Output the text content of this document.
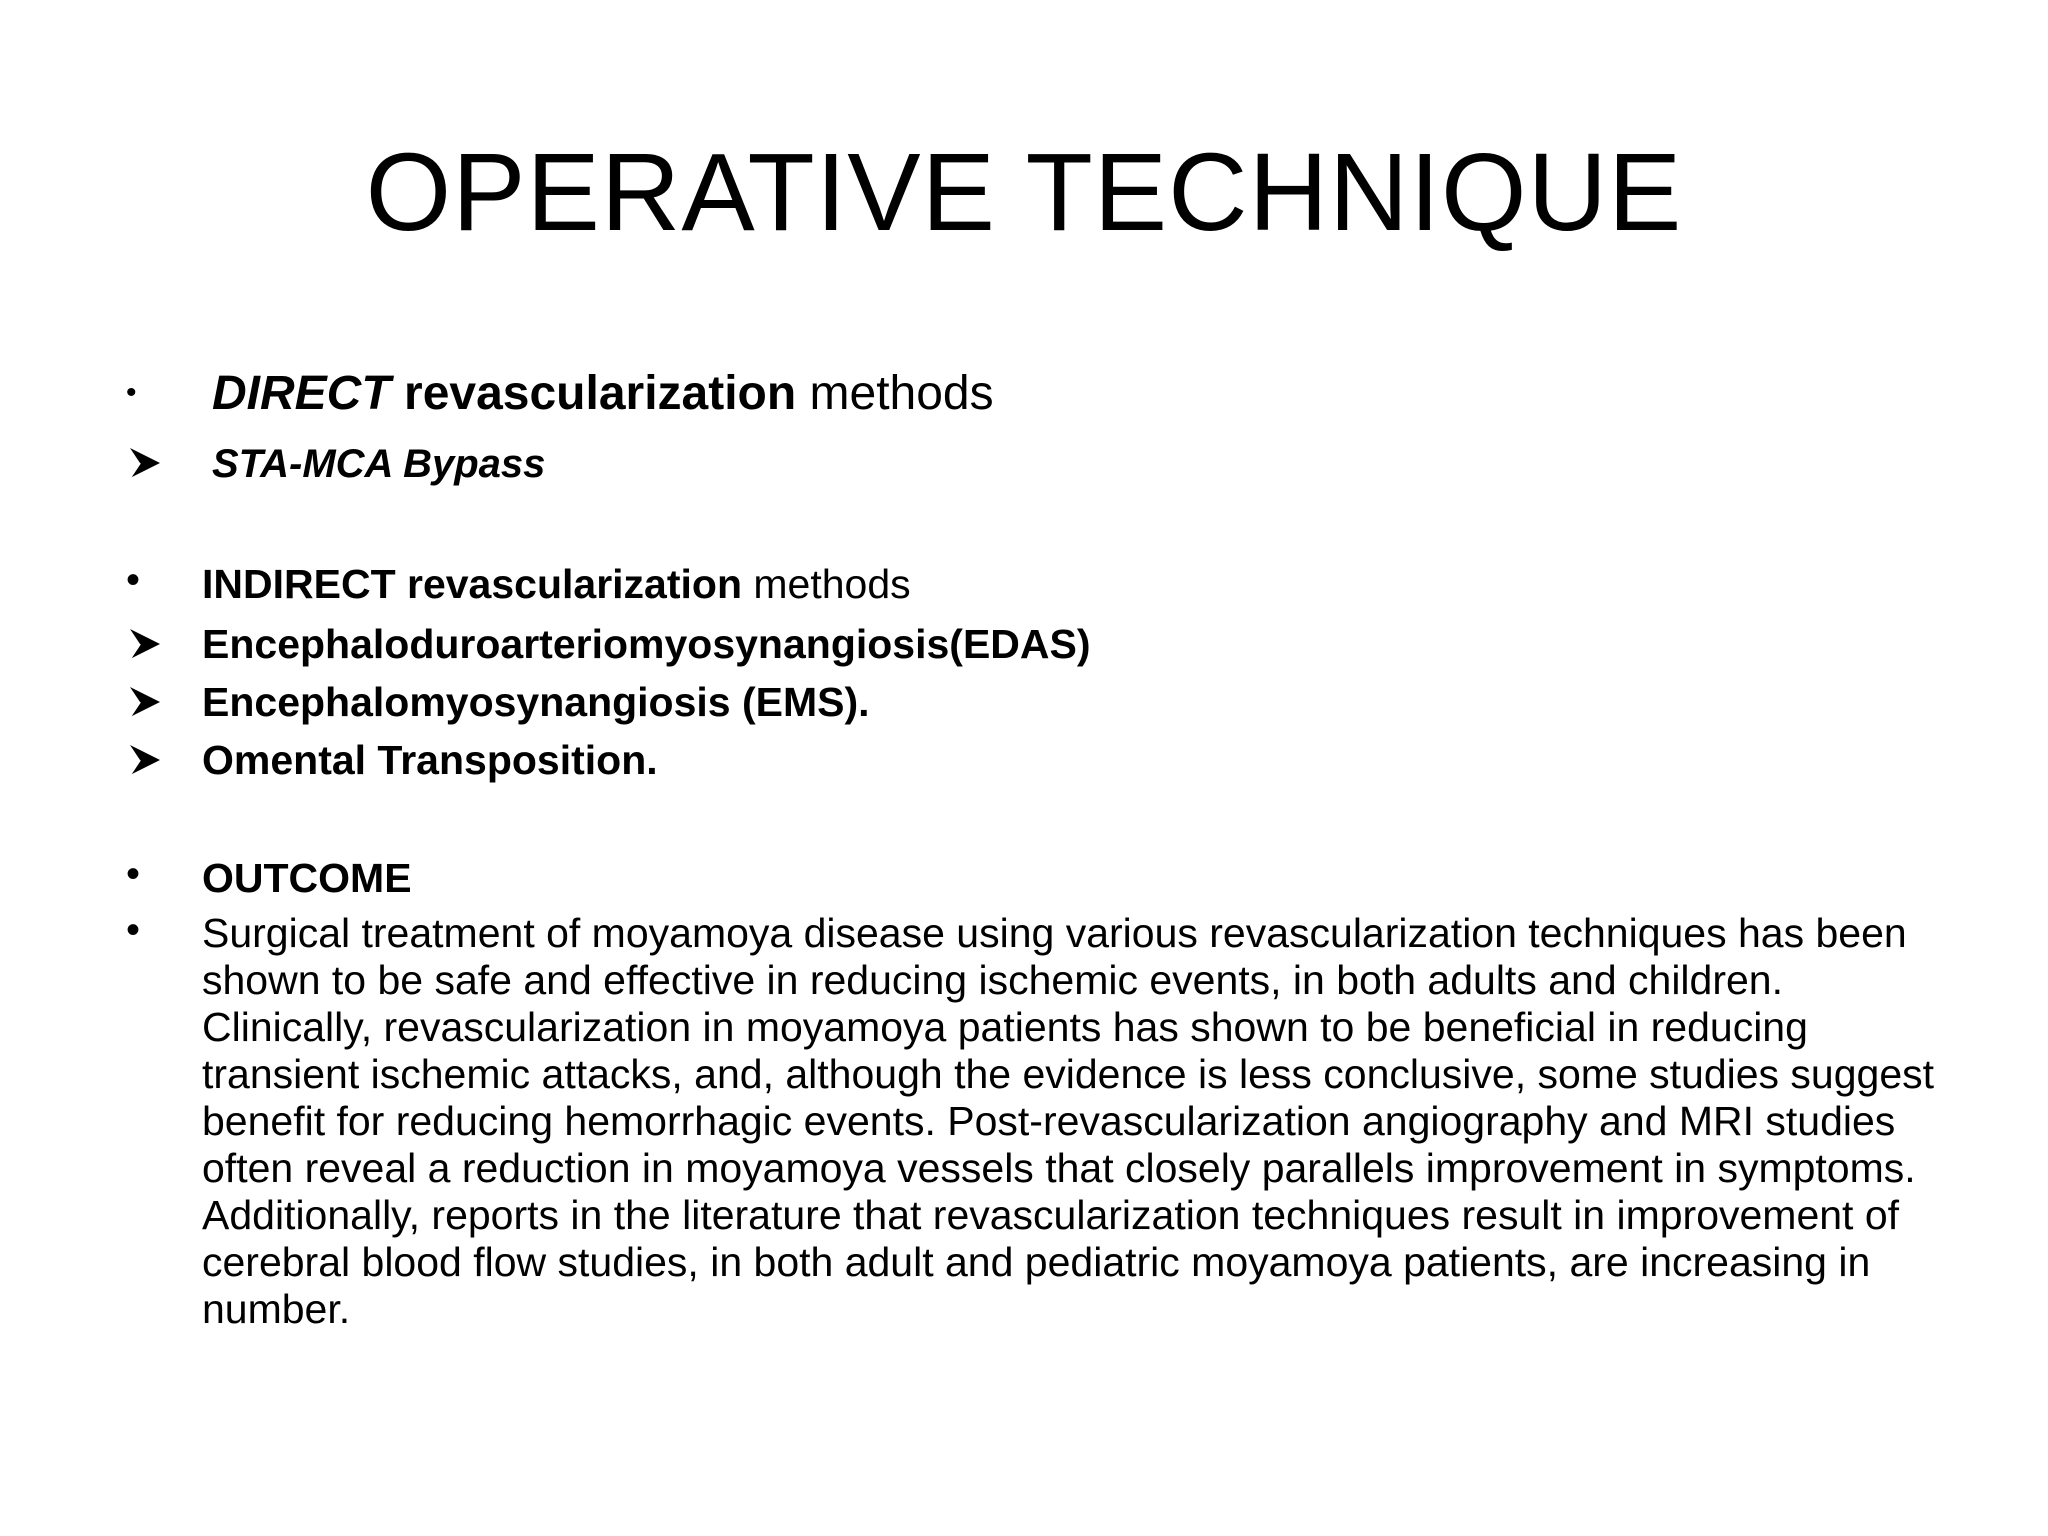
OPERATIVE TECHNIQUE
• DIRECT revascularization methods
STA-MCA Bypass
• INDIRECT revascularization methods
Encephaloduroarteriomyosynangiosis(EDAS)
Encephalomyosynangiosis (EMS).
Omental Transposition.
• OUTCOME
• Surgical treatment of moyamoya disease using various revascularization techniques has been shown to be safe and effective in reducing ischemic events, in both adults and children. Clinically, revascularization in moyamoya patients has shown to be beneficial in reducing transient ischemic attacks, and, although the evidence is less conclusive, some studies suggest benefit for reducing hemorrhagic events. Post-revascularization angiography and MRI studies often reveal a reduction in moyamoya vessels that closely parallels improvement in symptoms. Additionally, reports in the literature that revascularization techniques result in improvement of cerebral blood flow studies, in both adult and pediatric moyamoya patients, are increasing in number.
